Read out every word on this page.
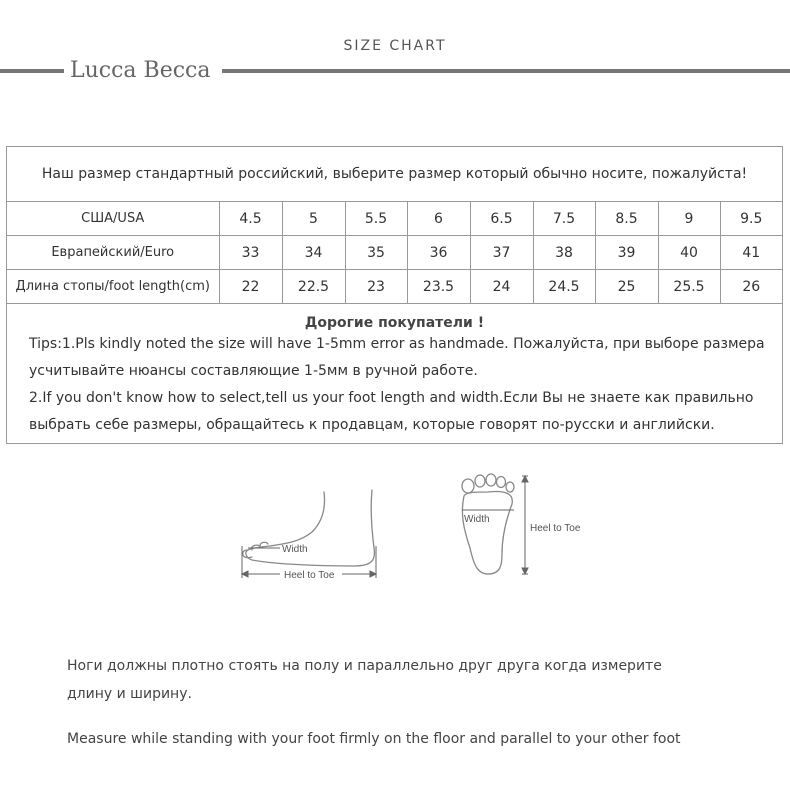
SIZE CHART
Lucca Becca
Наш размер стандартный российский, выберите размер который обычно носите, пожалуйста!
США/USA	4.5	5	5.5	6	6.5	7.5	8.5	9	9.5
Евpапейский/Euro	33	34	35	36	37	38	39	40	41
Длина стопы/foot length(cm)	22	22.5	23	23.5	24	24.5	25	25.5	26
Дорогие покупатели !
Tips:1.Pls kindly noted the size will have 1-5mm error as handmade. Пожалуйста, при выборе размера
усчитывайте нюансы составляющие 1-5мм в ручной работе.
2.If you don't know how to select,tell us your foot length and width.Если Вы не знаете как правильно
выбрать себе размеры, обращайтесь к продавцам, которые говорят по-русски и английски.
Width
Heel to Toe
Width
Heel to Toe
Ноги должны плотно стоять на полу и параллельно друг друга когда измерите
длину и ширину.
Measure while standing with your foot firmly on the floor and parallel to your other foot
